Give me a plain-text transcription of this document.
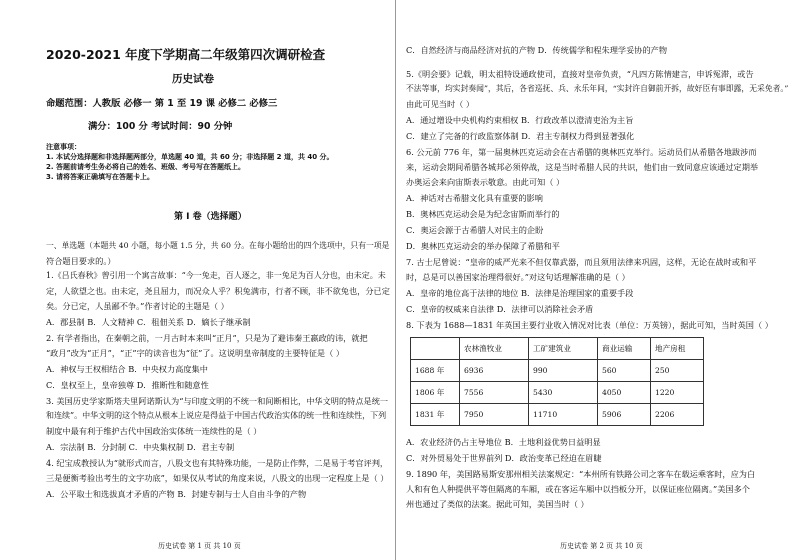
2020-2021 年度下学期高二年级第四次调研检查
历史试卷
命题范围：人教版 必修一 第 1 至 19 课 必修二 必修三
满分：100 分 考试时间：90 分钟
注意事项：
1. 本试分选择题和非选择题两部分，单选题 40 道，共 60 分；非选择题 2 道，共 40 分。
2. 答题前请考生务必将自己的姓名、班级、考号写在答题纸上。
3. 请将答案正确填写在答题卡上。
第 I 卷（选择题）
一、单选题（本题共 40 小题，每小题 1.5 分，共 60 分。在每小题给出的四个选项中，只有一项是
符合题目要求的。）
1.《吕氏春秋》曾引用一个寓言故事：“今一兔走，百人逐之，非一兔足为百人分也，由未定。未
定，人欲望之也。由未定，尧且屈力，而况众人乎？积兔满市，行者不顾，非不欲兔也，分已定
矣。分已定，人虽鄙不争。”作者讨论的主题是（ ）
A．郡县制 B．人文精神 C．租佃关系 D．嫡长子继承制
2. 有学者指出，在秦朝之前，一月古时本来叫“正月”，只是为了避讳秦王嬴政的讳，就把
“政月”改为“正月”，“正”字的读音也为“征”了。这说明皇帝制度的主要特征是（ ）
A．神权与王权相结合 B．中央权力高度集中
C．皇权至上，皇帝独尊 D．推断性和随意性
3. 美国历史学家斯塔夫里阿诺斯认为“与印度文明的不统一和间断相比，中华文明的特点是统一
和连续”。中华文明的这个特点从根本上说应是得益于中国古代政治实体的统一性和连续性，下列
制度中最有利于维护古代中国政治实体统一连续性的是（ ）
A．宗法制 B．分封制 C．中央集权制 D．君主专制
4. 纪宝成教授认为“就形式而言，八股文也有其特殊功能，一是防止作弊，二是易于考官评判，
三是便衡考验出考生的文字功底”，如果仅从考试的角度来说，八股文的出现一定程度上是（ ）
A．公平取士和选拔真才矛盾的产物 B．封建专制与士人自由斗争的产物
历史试卷 第 1 页 共 10 页
C．自然经济与商品经济对抗的产物 D．传统儒学和程朱理学妥协的产物
5.《明会要》记载，明太祖特设通政使司，直接对皇帝负责，“凡四方陈情建言，申诉冤滞，或告
不法等事，均实封奏闻”，其后，各省巡抚、兵、永乐年间，“实封许自御前开拆，故好臣有事即露，无采免者。”
由此可见当时（ ）
A．通过增设中央机构约束相权 B．行政改革以澄清吏治为主旨
C．建立了完备的行政监察体制 D．君主专制权力得到显著强化
6. 公元前 776 年，第一届奥林匹克运动会在古希腊的奥林匹克举行。运动员们从希腊各地跋涉而
来，运动会期间希腊各城邦必须停战，这是当时希腊人民的共识，他们由一致同意应该通过定期举
办奥运会来向宙斯表示敬意。由此可知（ ）
A．神话对古希腊文化具有重要的影响
B．奥林匹克运动会是为纪念宙斯而举行的
C．奥运会源于古希腊人对民主的企盼
D．奥林匹克运动会的举办保障了希腊和平
7. 古士尼曾说：“皇帝的威严光来不但仅靠武器，而且须用法律来巩固，这样，无论在战时或和平
时，总是可以善国家治理得很好。”对这句话理解准确的是（ ）
A．皇帝的地位高于法律的地位 B．法律是治理国家的重要手段
C．皇帝的权威来自法律 D．法律可以消除社会矛盾
8. 下表为 1688—1831 年英国主要行业收入情况对比表（单位：万英镑），据此可知，当时英国（ ）
	农林渔牧业	工矿建筑业	商业运输	地产房租
1688 年	6936	990	560	250
1806 年	7556	5430	4050	1220
1831 年	7950	11710	5906	2206
A．农业经济仍占主导地位 B．土地利益优势日益明显
C．对外贸易处于世界前列 D．政治变革已经迫在眉睫
9. 1890 年，美国路易斯安那州相关法案规定：“本州所有铁路公司之客车在载运乘客时，应为白
人和有色人种提供平等但隔离的车厢，或在客运车厢中以挡板分开，以保证座位隔离。”美国多个
州也通过了类似的法案。据此可知，美国当时（ ）
历史试卷 第 2 页 共 10 页
